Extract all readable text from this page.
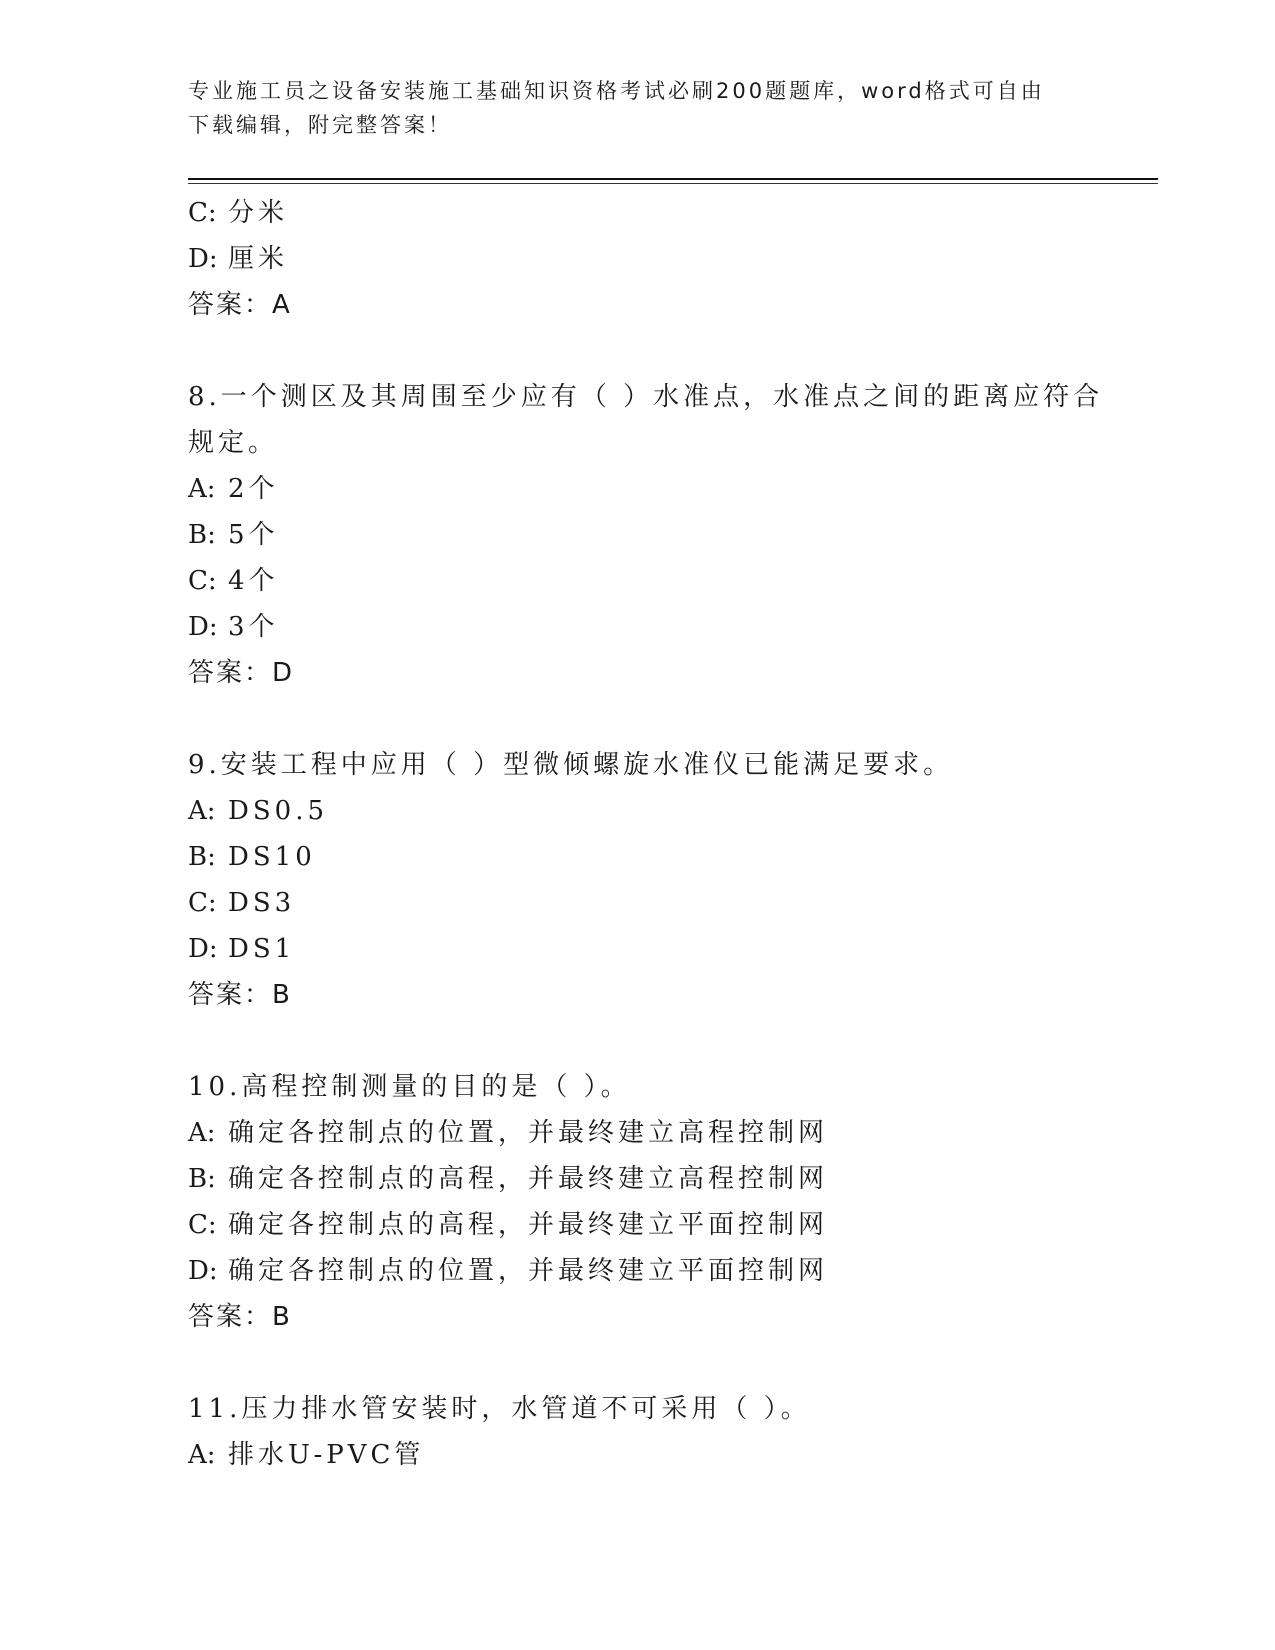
专业施工员之设备安装施工基础知识资格考试必刷200题题库，word格式可自由下载编辑，附完整答案！
C: 分米
D: 厘米
答案：A
8.一个测区及其周围至少应有（ ）水准点，水准点之间的距离应符合规定。
A: 2个
B: 5个
C: 4个
D: 3个
答案：D
9.安装工程中应用（ ）型微倾螺旋水准仪已能满足要求。
A: DS0.5
B: DS10
C: DS3
D: DS1
答案：B
10.高程控制测量的目的是（ ）。
A: 确定各控制点的位置，并最终建立高程控制网
B: 确定各控制点的高程，并最终建立高程控制网
C: 确定各控制点的高程，并最终建立平面控制网
D: 确定各控制点的位置，并最终建立平面控制网
答案：B
11.压力排水管安装时，水管道不可采用（ ）。
A: 排水U-PVC管
